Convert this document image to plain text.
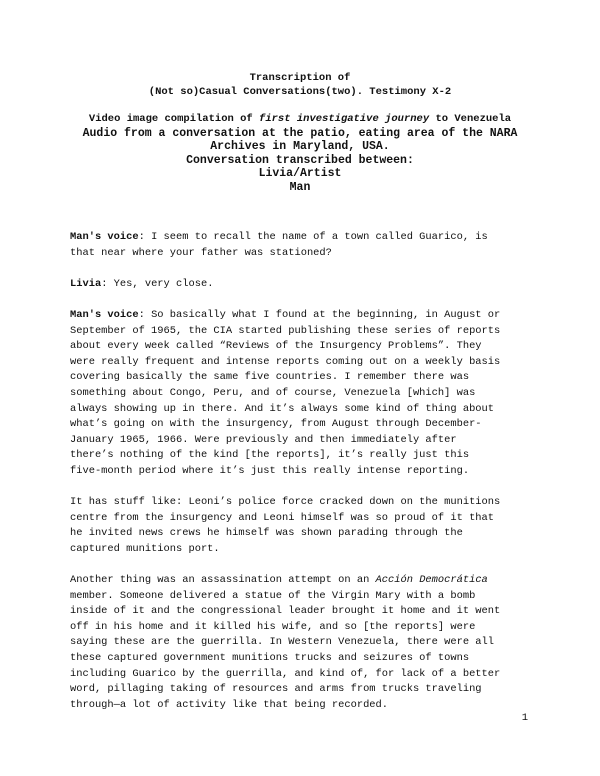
Transcription of
(Not so)Casual Conversations(two). Testimony X-2
Video image compilation of first investigative journey to Venezuela
Audio from a conversation at the patio, eating area of the NARA
Archives in Maryland, USA.
Conversation transcribed between:
Livia/Artist
Man
Man's voice: I seem to recall the name of a town called Guarico, is
that near where your father was stationed?
Livia: Yes, very close.
Man's voice: So basically what I found at the beginning, in August or
September of 1965, the CIA started publishing these series of reports
about every week called “Reviews of the Insurgency Problems”. They
were really frequent and intense reports coming out on a weekly basis
covering basically the same five countries. I remember there was
something about Congo, Peru, and of course, Venezuela [which] was
always showing up in there. And it’s always some kind of thing about
what’s going on with the insurgency, from August through December-
January 1965, 1966. Were previously and then immediately after
there’s nothing of the kind [the reports], it’s really just this
five-month period where it’s just this really intense reporting.
It has stuff like: Leoni’s police force cracked down on the munitions
centre from the insurgency and Leoni himself was so proud of it that
he invited news crews he himself was shown parading through the
captured munitions port.
Another thing was an assassination attempt on an Acción Democrática
member. Someone delivered a statue of the Virgin Mary with a bomb
inside of it and the congressional leader brought it home and it went
off in his home and it killed his wife, and so [the reports] were
saying these are the guerrilla. In Western Venezuela, there were all
these captured government munitions trucks and seizures of towns
including Guarico by the guerrilla, and kind of, for lack of a better
word, pillaging taking of resources and arms from trucks traveling
through—a lot of activity like that being recorded.
1
